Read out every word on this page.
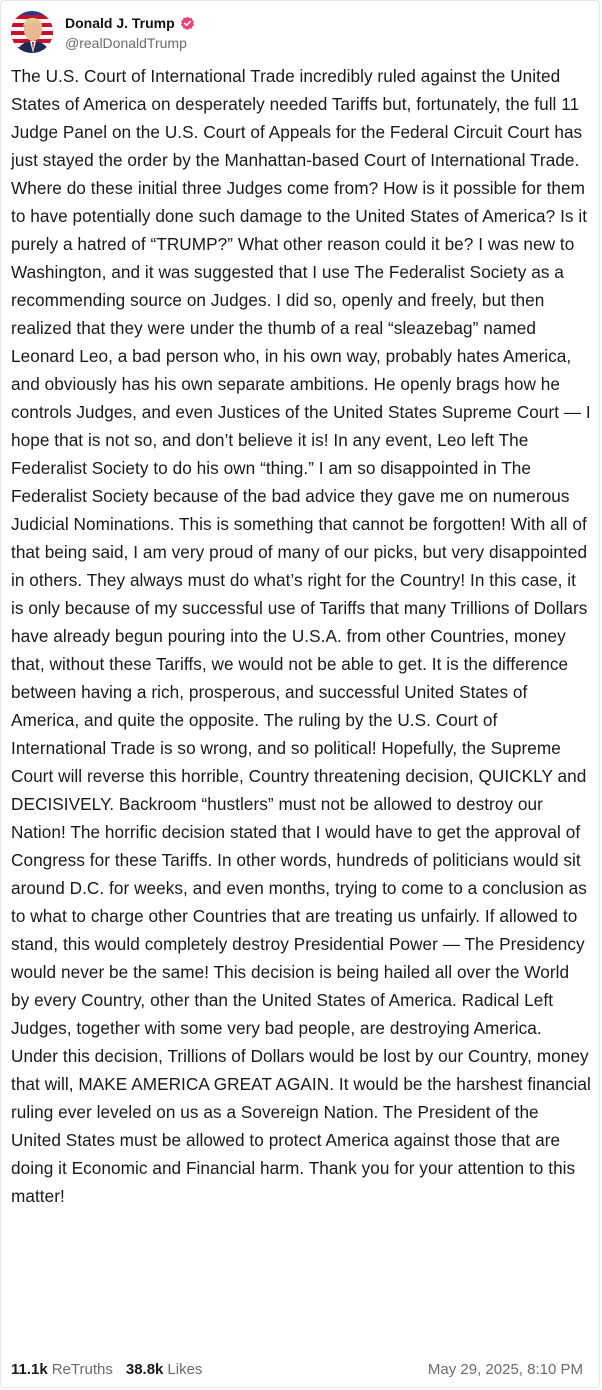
Donald J. Trump
@realDonaldTrump
The U.S. Court of International Trade incredibly ruled against the United States of America on desperately needed Tariffs but, fortunately, the full 11 Judge Panel on the U.S. Court of Appeals for the Federal Circuit Court has just stayed the order by the Manhattan-based Court of International Trade. Where do these initial three Judges come from? How is it possible for them to have potentially done such damage to the United States of America? Is it purely a hatred of “TRUMP?” What other reason could it be? I was new to Washington, and it was suggested that I use The Federalist Society as a recommending source on Judges. I did so, openly and freely, but then realized that they were under the thumb of a real “sleazebag” named Leonard Leo, a bad person who, in his own way, probably hates America, and obviously has his own separate ambitions. He openly brags how he controls Judges, and even Justices of the United States Supreme Court — I hope that is not so, and don’t believe it is! In any event, Leo left The Federalist Society to do his own “thing.” I am so disappointed in The Federalist Society because of the bad advice they gave me on numerous Judicial Nominations. This is something that cannot be forgotten! With all of that being said, I am very proud of many of our picks, but very disappointed in others. They always must do what’s right for the Country! In this case, it is only because of my successful use of Tariffs that many Trillions of Dollars have already begun pouring into the U.S.A. from other Countries, money that, without these Tariffs, we would not be able to get. It is the difference between having a rich, prosperous, and successful United States of America, and quite the opposite. The ruling by the U.S. Court of International Trade is so wrong, and so political! Hopefully, the Supreme Court will reverse this horrible, Country threatening decision, QUICKLY and DECISIVELY. Backroom “hustlers” must not be allowed to destroy our Nation! The horrific decision stated that I would have to get the approval of Congress for these Tariffs. In other words, hundreds of politicians would sit around D.C. for weeks, and even months, trying to come to a conclusion as to what to charge other Countries that are treating us unfairly. If allowed to stand, this would completely destroy Presidential Power — The Presidency would never be the same! This decision is being hailed all over the World by every Country, other than the United States of America. Radical Left Judges, together with some very bad people, are destroying America. Under this decision, Trillions of Dollars would be lost by our Country, money that will, MAKE AMERICA GREAT AGAIN. It would be the harshest financial ruling ever leveled on us as a Sovereign Nation. The President of the United States must be allowed to protect America against those that are doing it Economic and Financial harm. Thank you for your attention to this matter!
11.1k ReTruths 38.8k Likes	May 29, 2025, 8:10 PM
